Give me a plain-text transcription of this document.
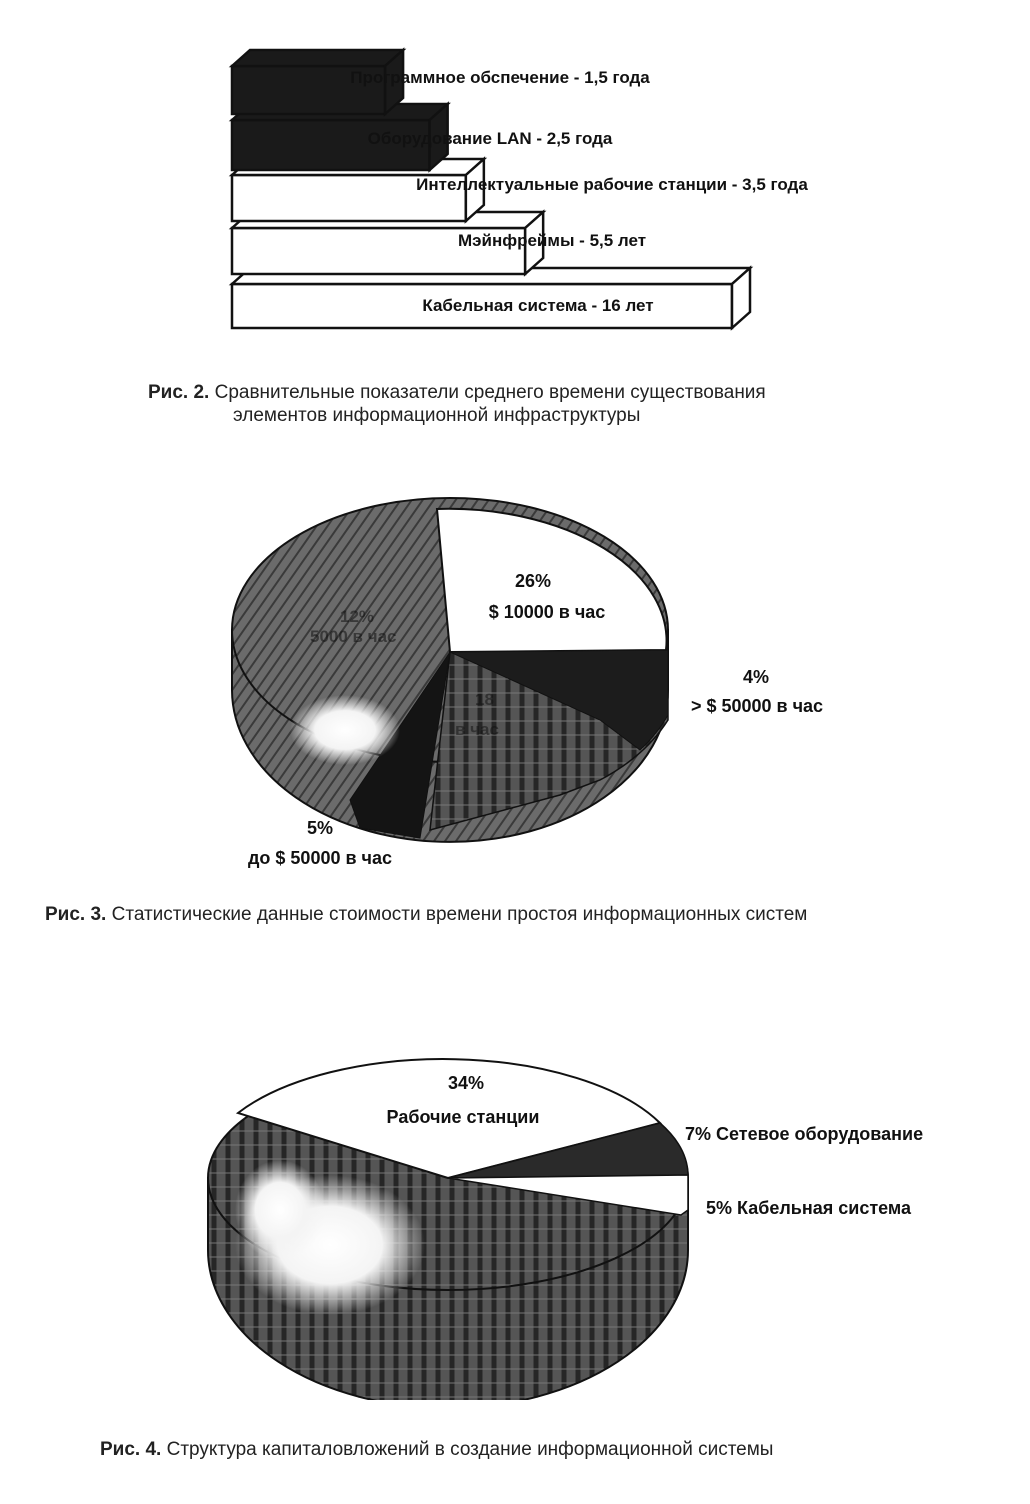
Кабельная система - 16 лет
Мэйнфреймы - 5,5 лет
Интеллектуальные рабочие станции - 3,5 года
Оборудование LAN - 2,5 года
Программное обспечение - 1,5 года
Рис. 2. Сравнительные показатели среднего времени существования
элементов информационной инфраструктуры
12%
5000 в час
18
в час
26%
$ 10000 в час
4%
> $ 50000 в час
5%
до $ 50000 в час
Рис. 3. Статистические данные стоимости времени простоя информационных систем
34%
Рабочие станции
7% Сетевое оборудование
5% Кабельная система
Рис. 4. Структура капиталовложений в создание информационной системы
